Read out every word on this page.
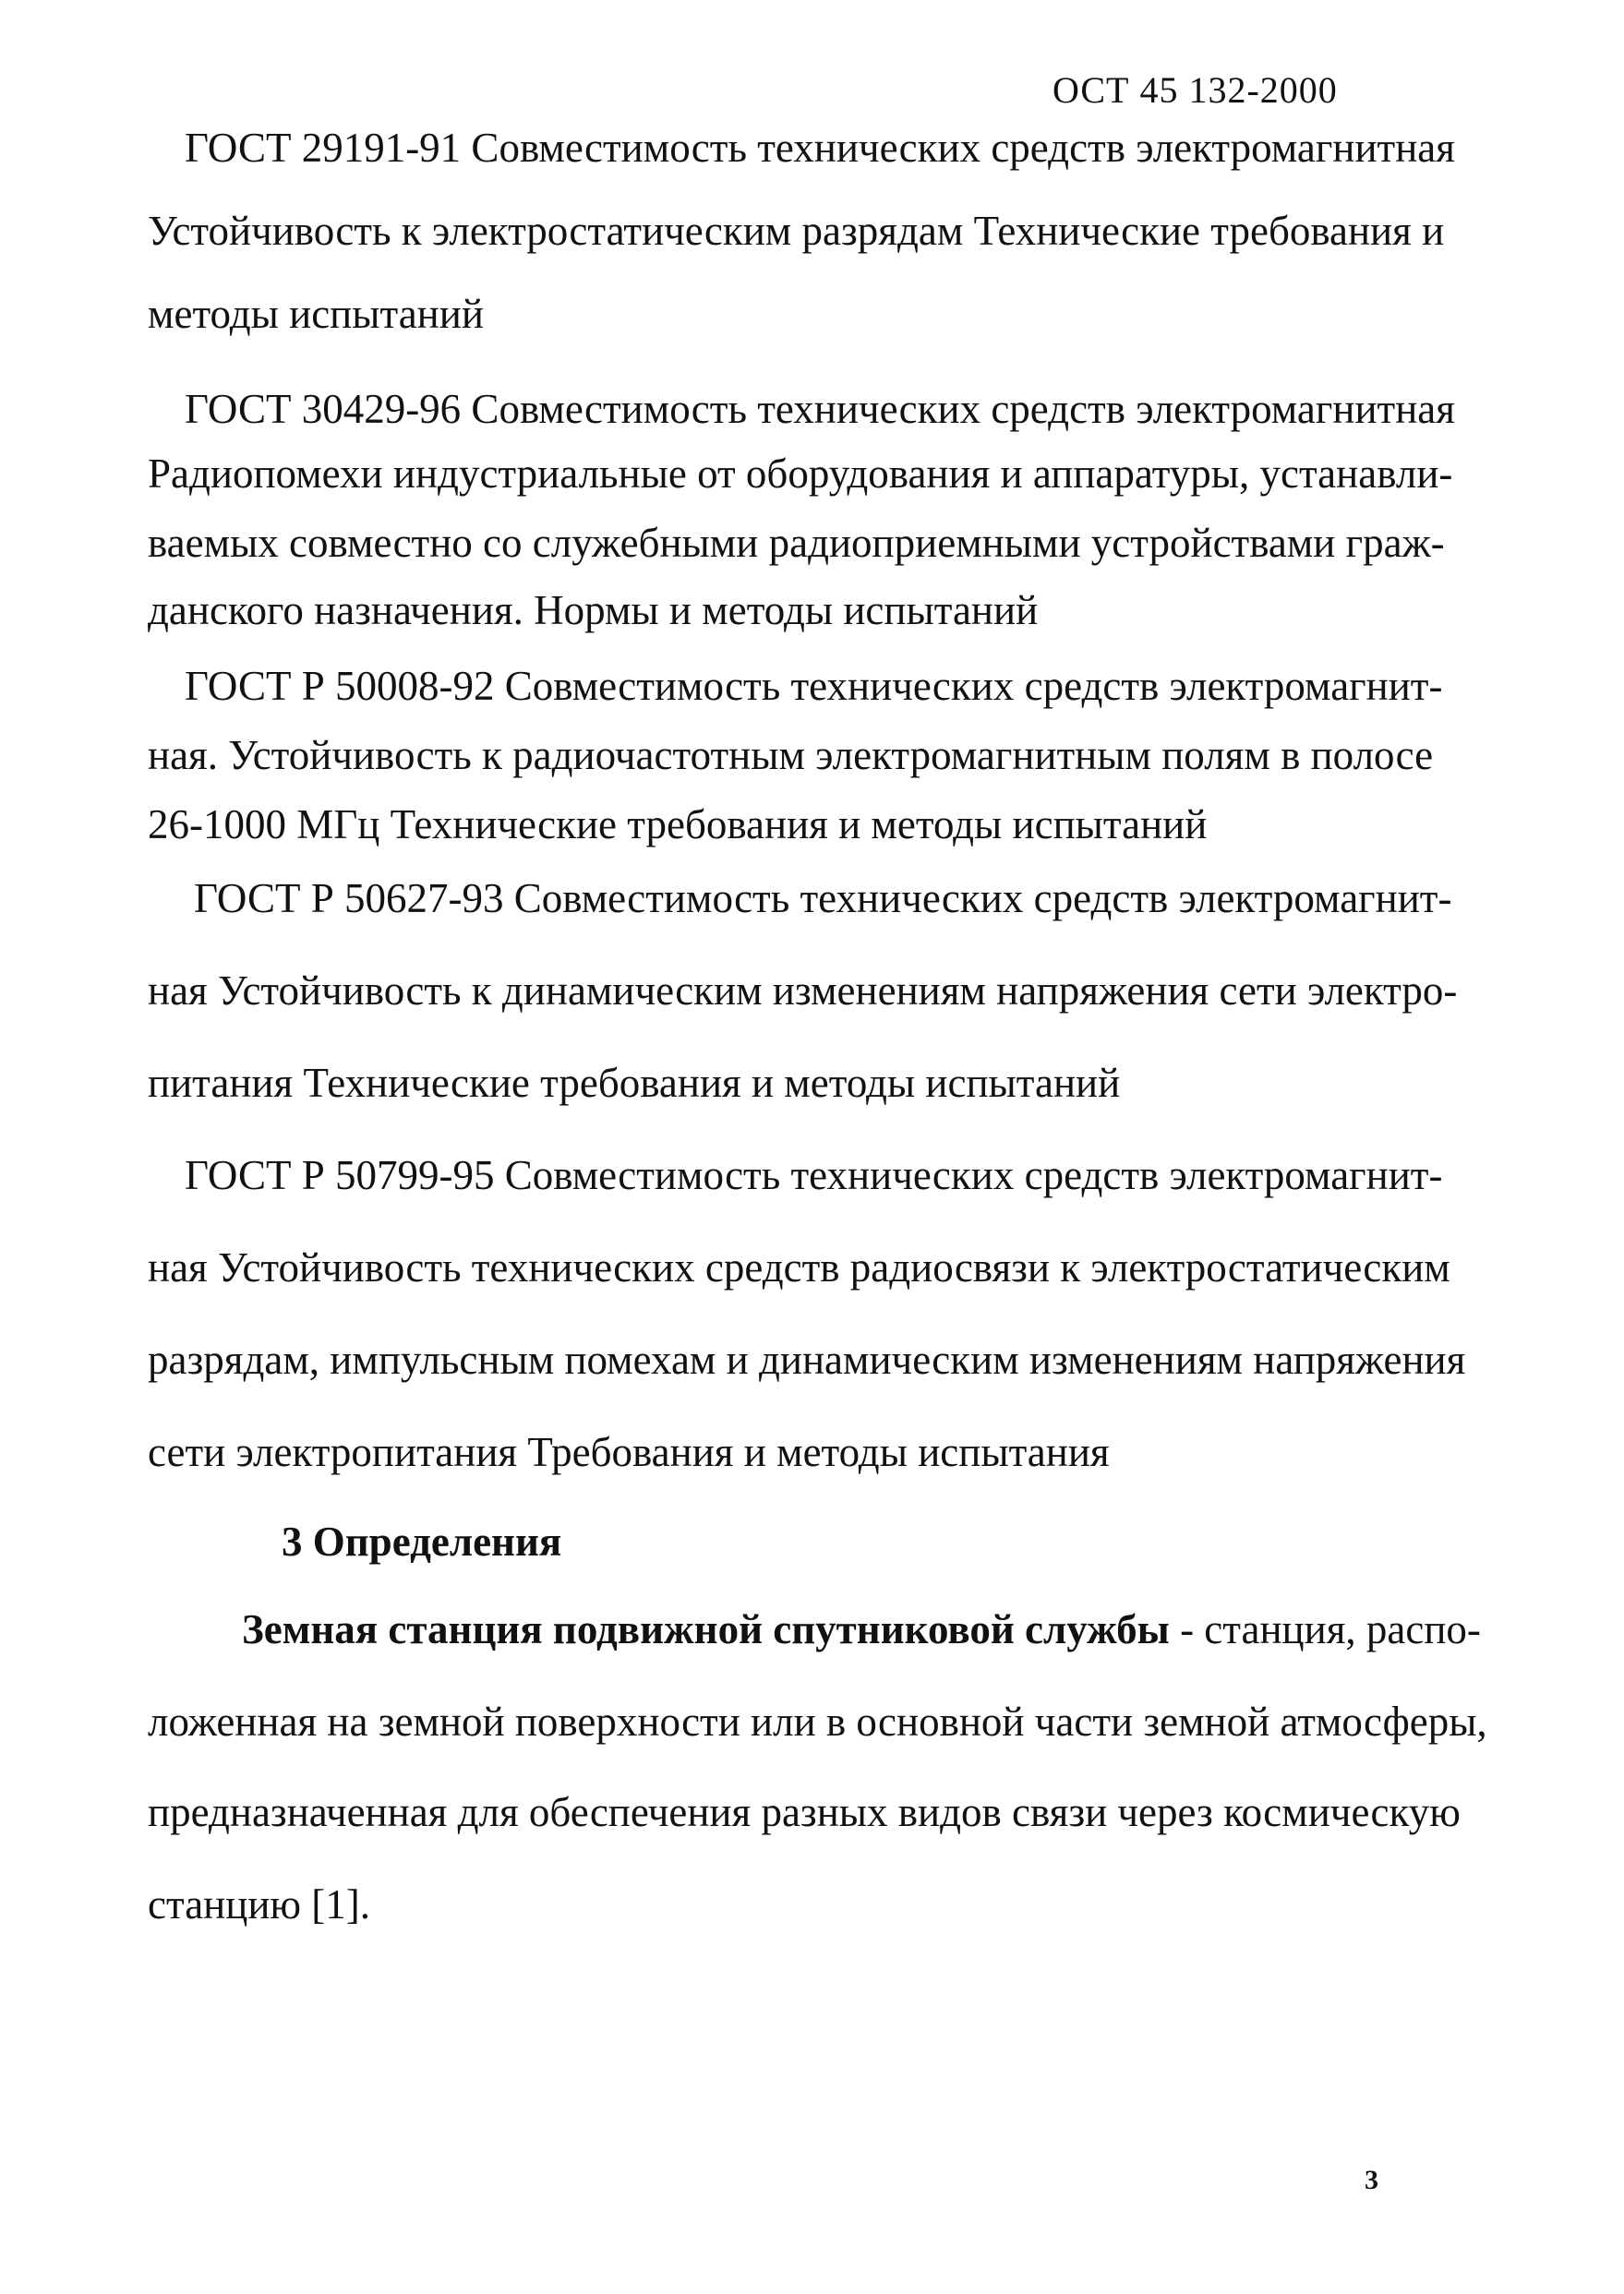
ОСТ 45 132-2000
ГОСТ 29191-91 Совместимость технических средств электромагнитная
Устойчивость к электростатическим разрядам Технические требования и
методы испытаний
ГОСТ 30429-96 Совместимость технических средств электромагнитная
Радиопомехи индустриальные от оборудования и аппаратуры, устанавли-
ваемых совместно со служебными радиоприемными устройствами граж-
данского назначения. Нормы и методы испытаний
ГОСТ Р 50008-92 Совместимость технических средств электромагнит-
ная. Устойчивость к радиочастотным электромагнитным полям в полосе
26-1000 МГц Технические требования и методы испытаний
ГОСТ Р 50627-93 Совместимость технических средств электромагнит-
ная Устойчивость к динамическим изменениям напряжения сети электро-
питания Технические требования и методы испытаний
ГОСТ Р 50799-95 Совместимость технических средств электромагнит-
ная Устойчивость технических средств радиосвязи к электростатическим
разрядам, импульсным помехам и динамическим изменениям напряжения
сети электропитания Требования и методы испытания
3 Определения
Земная станция подвижной спутниковой службы - станция, распо-
ложенная на земной поверхности или в основной части земной атмосферы,
предназначенная для обеспечения разных видов связи через космическую
станцию [1].
3
